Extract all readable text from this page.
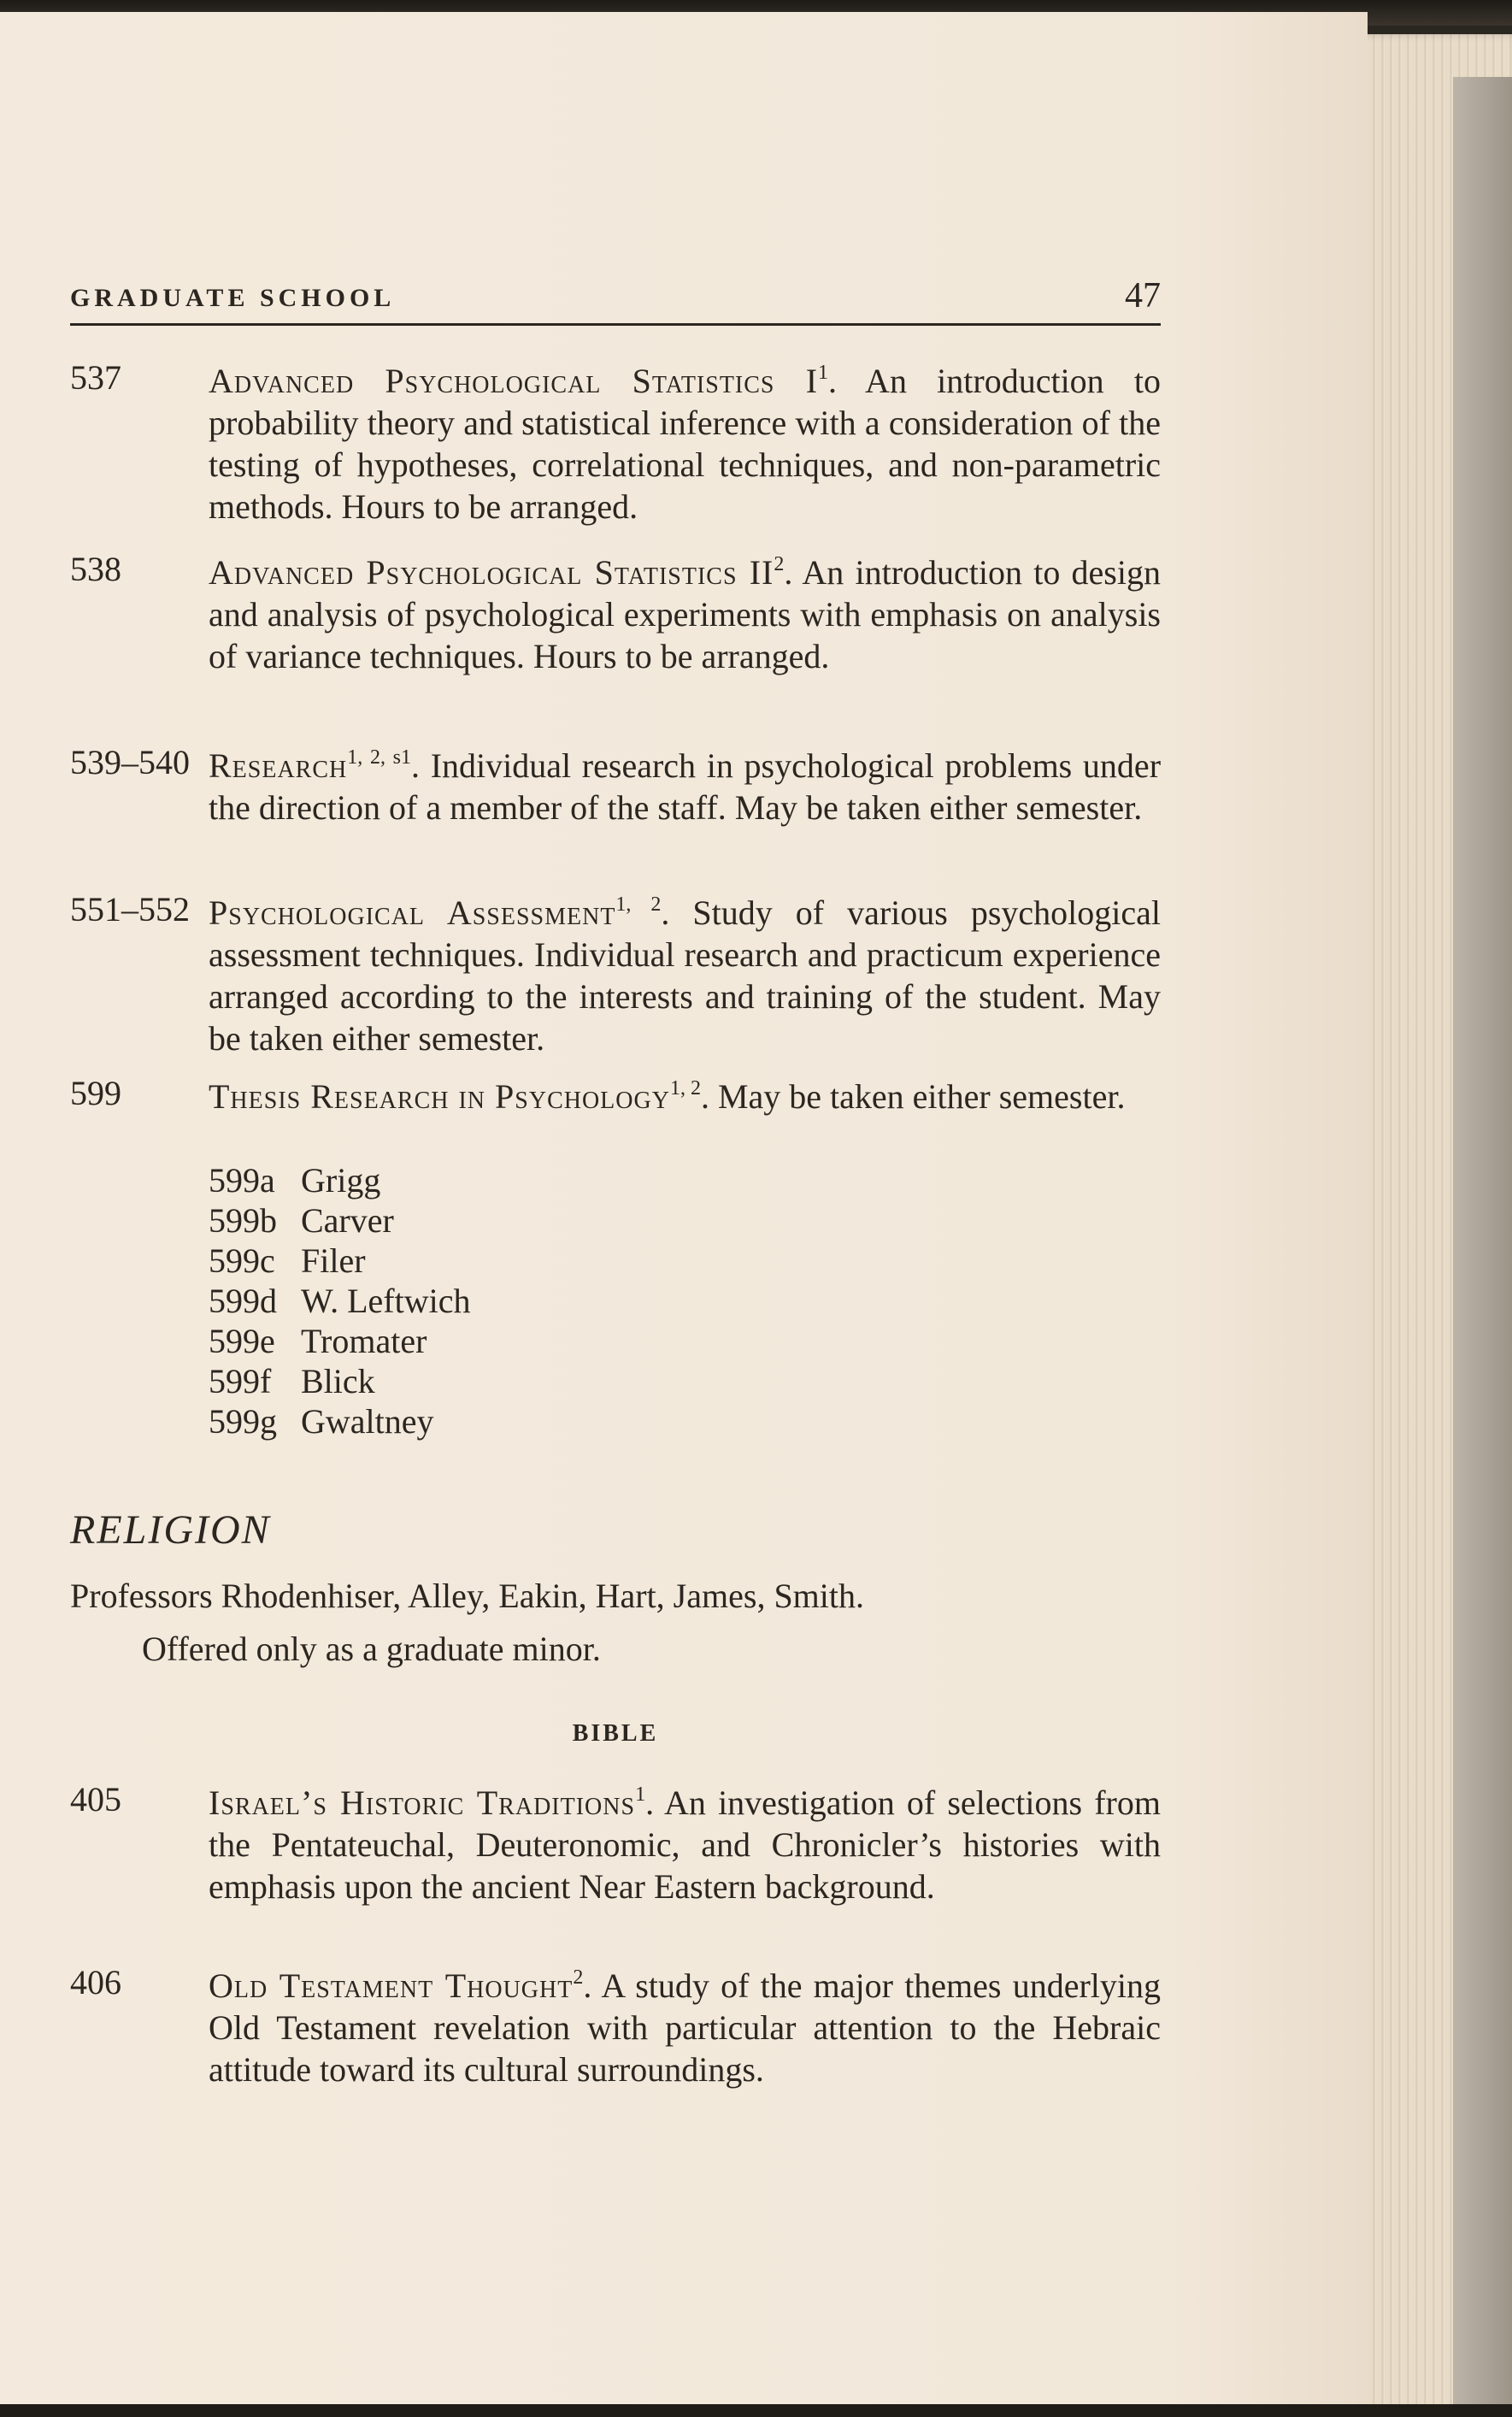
GRADUATE SCHOOL	47
537	Advanced Psychological Statistics $I^1$. An introduction to probability theory and statistical inference with a consideration of the testing of hypotheses, correlational techniques, and non-parametric methods. Hours to be arranged.
538	Advanced Psychological Statistics $II^2$. An introduction to design and analysis of psychological experiments with emphasis on analysis of variance techniques. Hours to be arranged.
539–540 Research$^{1, 2, s1}$. Individual research in psychological problems under the direction of a member of the staff. May be taken either semester.
551–552 Psychological Assessment$^{1, 2}$. Study of various psychological assessment techniques. Individual research and practicum experience arranged according to the interests and training of the student. May be taken either semester.
599	Thesis Research in Psychology$^{1, 2}$. May be taken either semester.
599a Grigg
599b Carver
599c Filer
599d W. Leftwich
599e Tromater
599f Blick
599g Gwaltney
RELIGION
Professors Rhodenhiser, Alley, Eakin, Hart, James, Smith.
Offered only as a graduate minor.
BIBLE
405	Israel’s Historic Traditions$^1$. An investigation of selections from the Pentateuchal, Deuteronomic, and Chronicler’s histories with emphasis upon the ancient Near Eastern background.
406	Old Testament Thought$^2$. A study of the major themes underlying Old Testament revelation with particular attention to the Hebraic attitude toward its cultural surroundings.
